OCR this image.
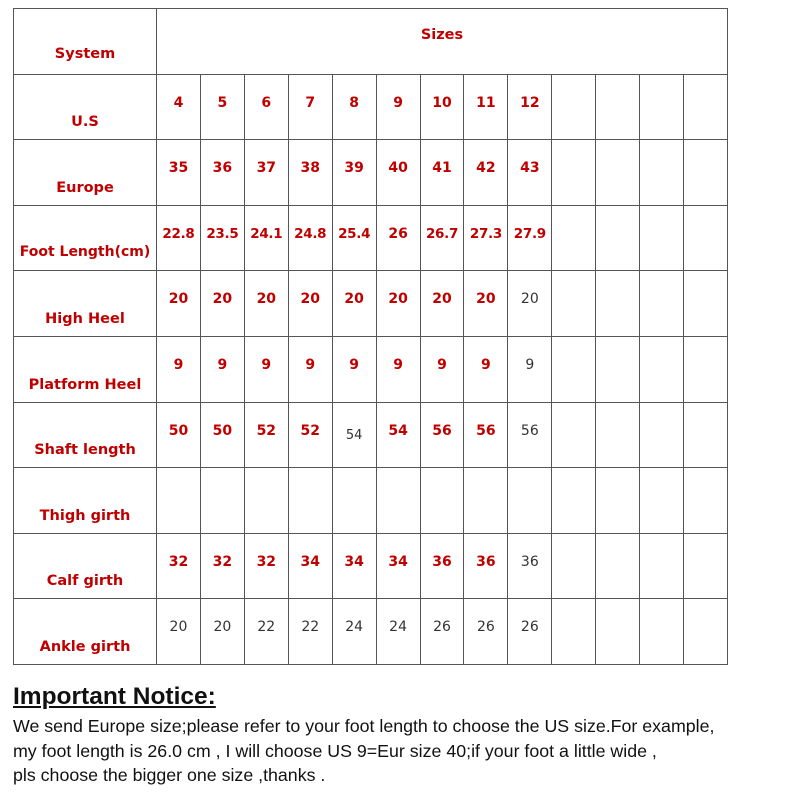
System	Sizes												
U.S	4	5	6	7	8	9	10	11	12				
Europe	35	36	37	38	39	40	41	42	43				
Foot Length(cm)	22.8	23.5	24.1	24.8	25.4	26	26.7	27.3	27.9				
High Heel	20	20	20	20	20	20	20	20	20				
Platform Heel	9	9	9	9	9	9	9	9	9				
Shaft length	50	50	52	52	54	54	56	56	56				
Thigh girth													
Calf girth	32	32	32	34	34	34	36	36	36				
Ankle girth	20	20	22	22	24	24	26	26	26				
Important Notice:

We send Europe size;please refer to your foot length to choose the US size.For example,
my foot length is 26.0 cm , I will choose US 9=Eur size 40;if your foot a little wide ,
pls choose the bigger one size ,thanks .
